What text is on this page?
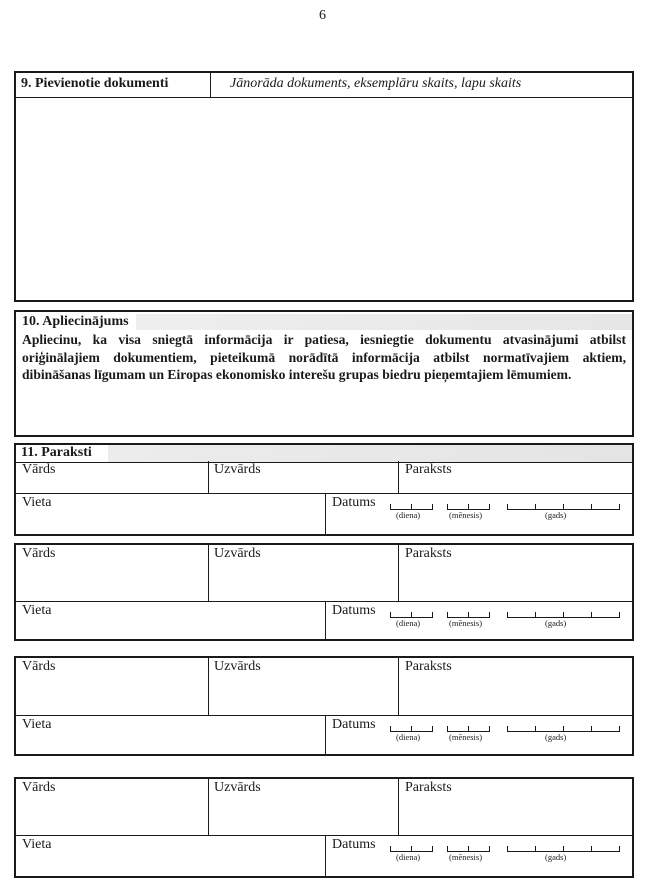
6
9. Pievienotie dokumenti	Jānorāda dokuments, eksemplāru skaits, lapu skaits
10. Apliecinājums
Apliecinu, ka visa sniegtā informācija ir patiesa, iesniegtie dokumentu atvasinājumi atbilst oriģinālajiem dokumentiem, pieteikumā norādītā informācija atbilst normatīvajiem aktiem, dibināšanas līgumam un Eiropas ekonomisko interešu grupas biedru pieņemtajiem lēmumiem.
11. Paraksti
Vārds	Uzvārds	Paraksts
Vieta	Datums
(diena)	(mēnesis)	(gads)
Vārds	Uzvārds	Paraksts
Vieta	Datums
(diena)	(mēnesis)	(gads)
Vārds	Uzvārds	Paraksts
Vieta	Datums
(diena)	(mēnesis)	(gads)
Vārds	Uzvārds	Paraksts
Vieta	Datums
(diena)	(mēnesis)	(gads)
